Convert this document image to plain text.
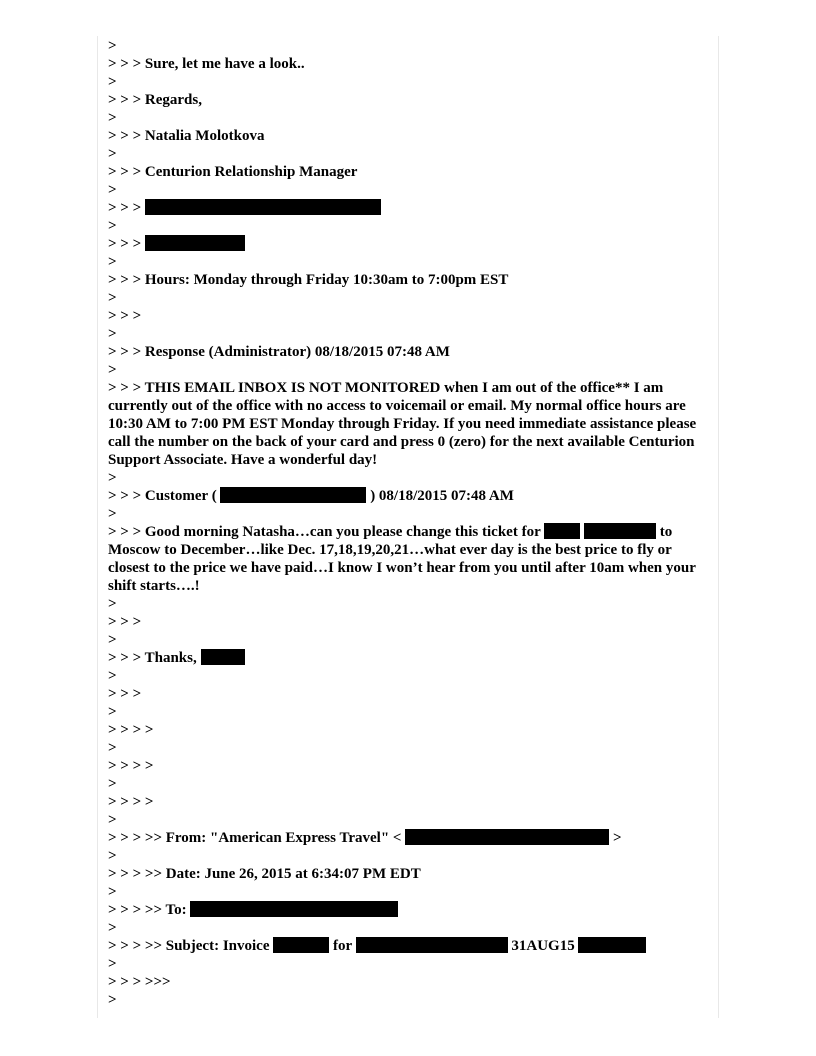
>
> > > Sure, let me have a look..
>
> > > Regards,
>
> > > Natalia Molotkova
>
> > > Centurion Relationship Manager
>
> > >
>
> > >
>
> > > Hours: Monday through Friday 10:30am to 7:00pm EST
>
> > >
>
> > > Response (Administrator) 08/18/2015 07:48 AM
>
> > > THIS EMAIL INBOX IS NOT MONITORED when I am out of the office** I am currently out of the office with no access to voicemail or email. My normal office hours are 10:30 AM to 7:00 PM EST Monday through Friday. If you need immediate assistance please call the number on the back of your card and press 0 (zero) for the next available Centurion Support Associate. Have a wonderful day!
>
> > > Customer (	) 08/18/2015 07:48 AM
>
> > > Good morning Natasha…can you please change this ticket for	to Moscow to December…like Dec. 17,18,19,20,21…what ever day is the best price to fly or closest to the price we have paid…I know I won’t hear from you until after 10am when your shift starts….!
>
> > >
>
> > > Thanks,
>
> > >
>
> > > >
>
> > > >
>
> > > >
>
> > > >> From: "American Express Travel" <	>
>
> > > >> Date: June 26, 2015 at 6:34:07 PM EDT
>
> > > >> To:
>
> > > >> Subject: Invoice	for	31AUG15
>
> > > >>>
>
